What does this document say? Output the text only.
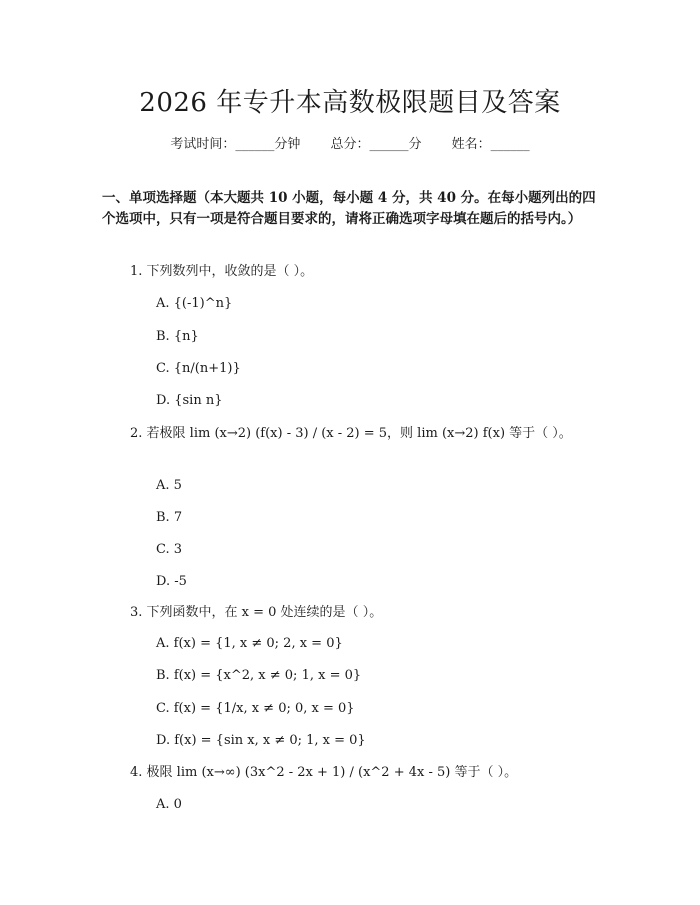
2026 年专升本高数极限题目及答案
考试时间：______分钟 总分：______分 姓名：______
一、单项选择题（本大题共 10 小题，每小题 4 分，共 40 分。在每小题列出的四个选项中，只有一项是符合题目要求的，请将正确选项字母填在题后的括号内。）
1. 下列数列中，收敛的是（ ）。
A. {(-1)^n}
B. {n}
C. {n/(n+1)}
D. {sin n}
2. 若极限 lim (x→2) (f(x) - 3) / (x - 2) = 5，则 lim (x→2) f(x) 等于（ ）。
A. 5
B. 7
C. 3
D. -5
3. 下列函数中，在 x = 0 处连续的是（ ）。
A. f(x) = {1, x ≠ 0; 2, x = 0}
B. f(x) = {x^2, x ≠ 0; 1, x = 0}
C. f(x) = {1/x, x ≠ 0; 0, x = 0}
D. f(x) = {sin x, x ≠ 0; 1, x = 0}
4. 极限 lim (x→∞) (3x^2 - 2x + 1) / (x^2 + 4x - 5) 等于（ ）。
A. 0
